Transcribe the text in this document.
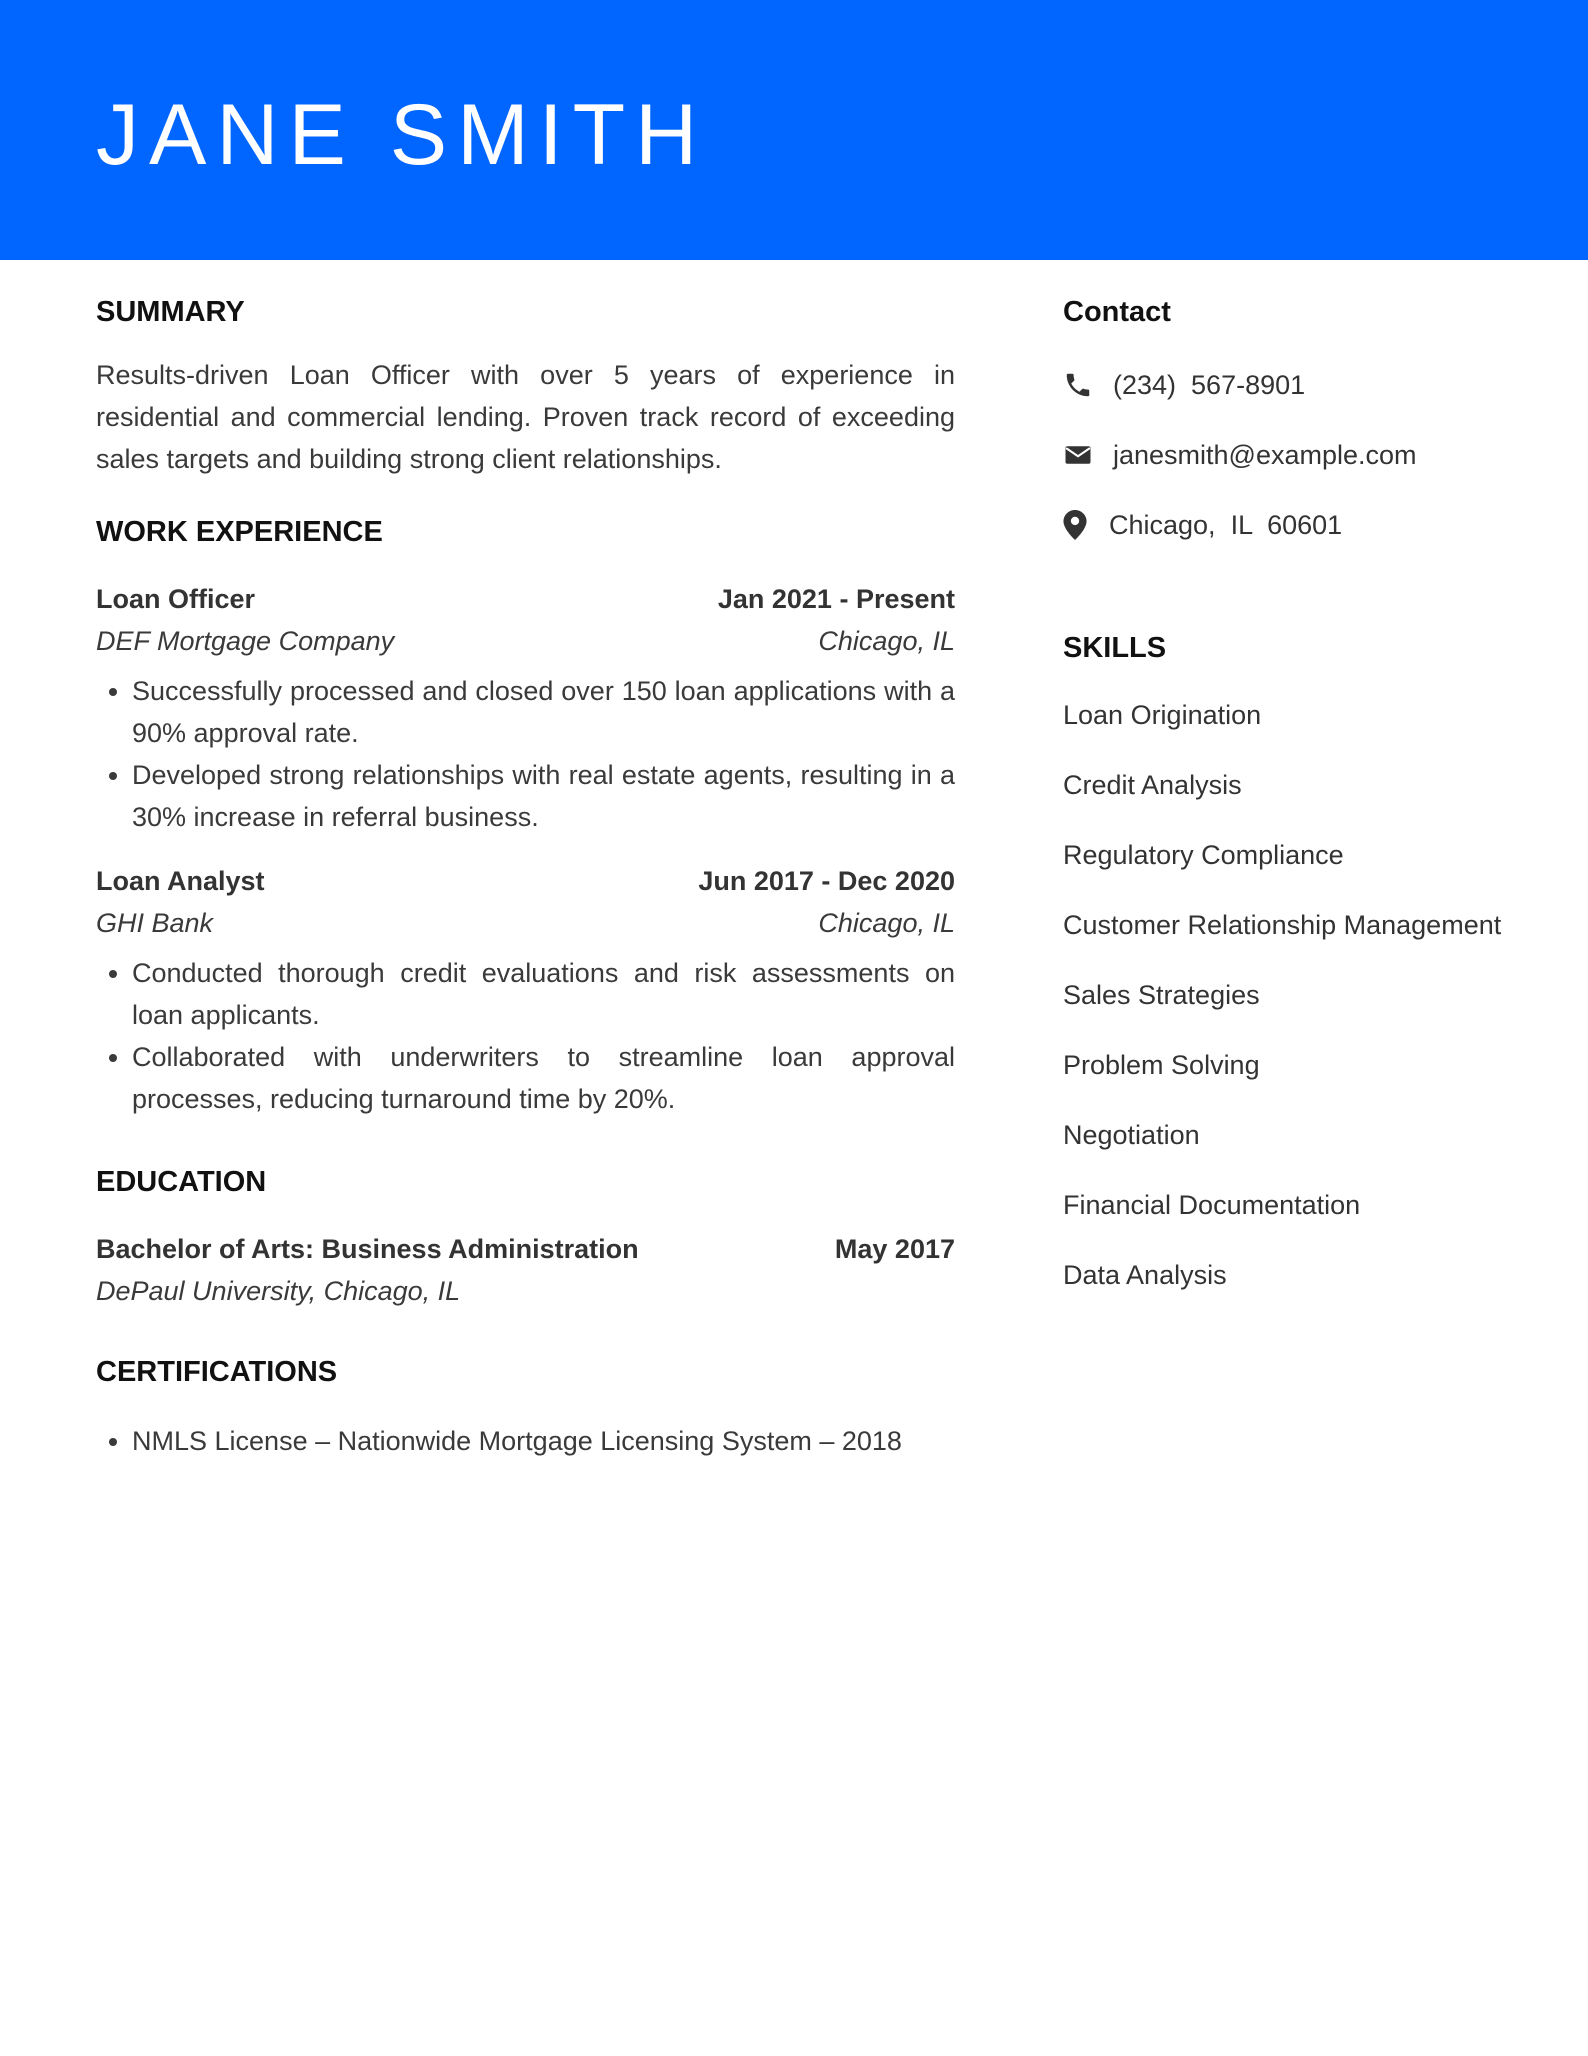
JANE SMITH
SUMMARY

Results-driven Loan Officer with over 5 years of experience in residential and commercial lending. Proven track record of exceeding sales targets and building strong client relationships.

WORK EXPERIENCE
Loan Officer	Jan 2021 - Present
DEF Mortgage Company	Chicago, IL
• Successfully processed and closed over 150 loan applications with a 90% approval rate.
• Developed strong relationships with real estate agents, resulting in a 30% increase in referral business.
Loan Analyst	Jun 2017 - Dec 2020
GHI Bank	Chicago, IL
• Conducted thorough credit evaluations and risk assessments on loan applicants.
• Collaborated with underwriters to streamline loan approval processes, reducing turnaround time by 20%.
EDUCATION
Bachelor of Arts: Business Administration	May 2017
DePaul University, Chicago, IL
CERTIFICATIONS
• NMLS License – Nationwide Mortgage Licensing System – 2018
Contact
(234)  567-8901
janesmith@example.com
Chicago,  IL  60601
SKILLS
Loan Origination
Credit Analysis
Regulatory Compliance
Customer Relationship Management
Sales Strategies
Problem Solving
Negotiation
Financial Documentation
Data Analysis
